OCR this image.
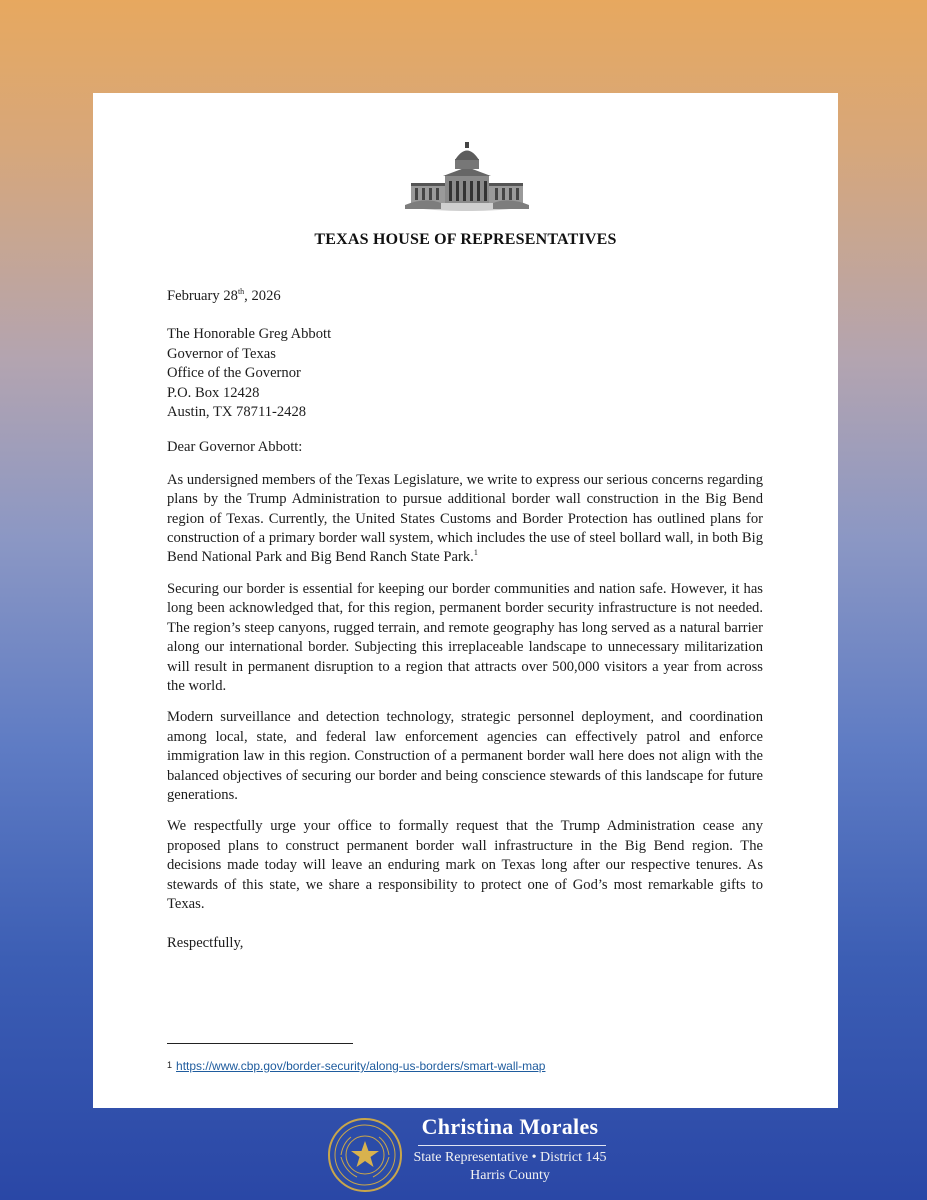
TEXAS HOUSE OF REPRESENTATIVES

February 28th, 2026

The Honorable Greg Abbott
Governor of Texas
Office of the Governor
P.O. Box 12428
Austin, TX 78711-2428

Dear Governor Abbott:

As undersigned members of the Texas Legislature, we write to express our serious concerns regarding plans by the Trump Administration to pursue additional border wall construction in the Big Bend region of Texas. Currently, the United States Customs and Border Protection has outlined plans for construction of a primary border wall system, which includes the use of steel bollard wall, in both Big Bend National Park and Big Bend Ranch State Park.$^1$

Securing our border is essential for keeping our border communities and nation safe. However, it has long been acknowledged that, for this region, permanent border security infrastructure is not needed. The region’s steep canyons, rugged terrain, and remote geography has long served as a natural barrier along our international border. Subjecting this irreplaceable landscape to unnecessary militarization will result in permanent disruption to a region that attracts over 500,000 visitors a year from across the world.

Modern surveillance and detection technology, strategic personnel deployment, and coordination among local, state, and federal law enforcement agencies can effectively patrol and enforce immigration law in this region. Construction of a permanent border wall here does not align with the balanced objectives of securing our border and being conscience stewards of this landscape for future generations.

We respectfully urge your office to formally request that the Trump Administration cease any proposed plans to construct permanent border wall infrastructure in the Big Bend region. The decisions made today will leave an enduring mark on Texas long after our respective tenures. As stewards of this state, we share a responsibility to protect one of God’s most remarkable gifts to Texas.

Respectfully,

1 https://www.cbp.gov/border-security/along-us-borders/smart-wall-map
Christina Morales
State Representative • District 145
Harris County
